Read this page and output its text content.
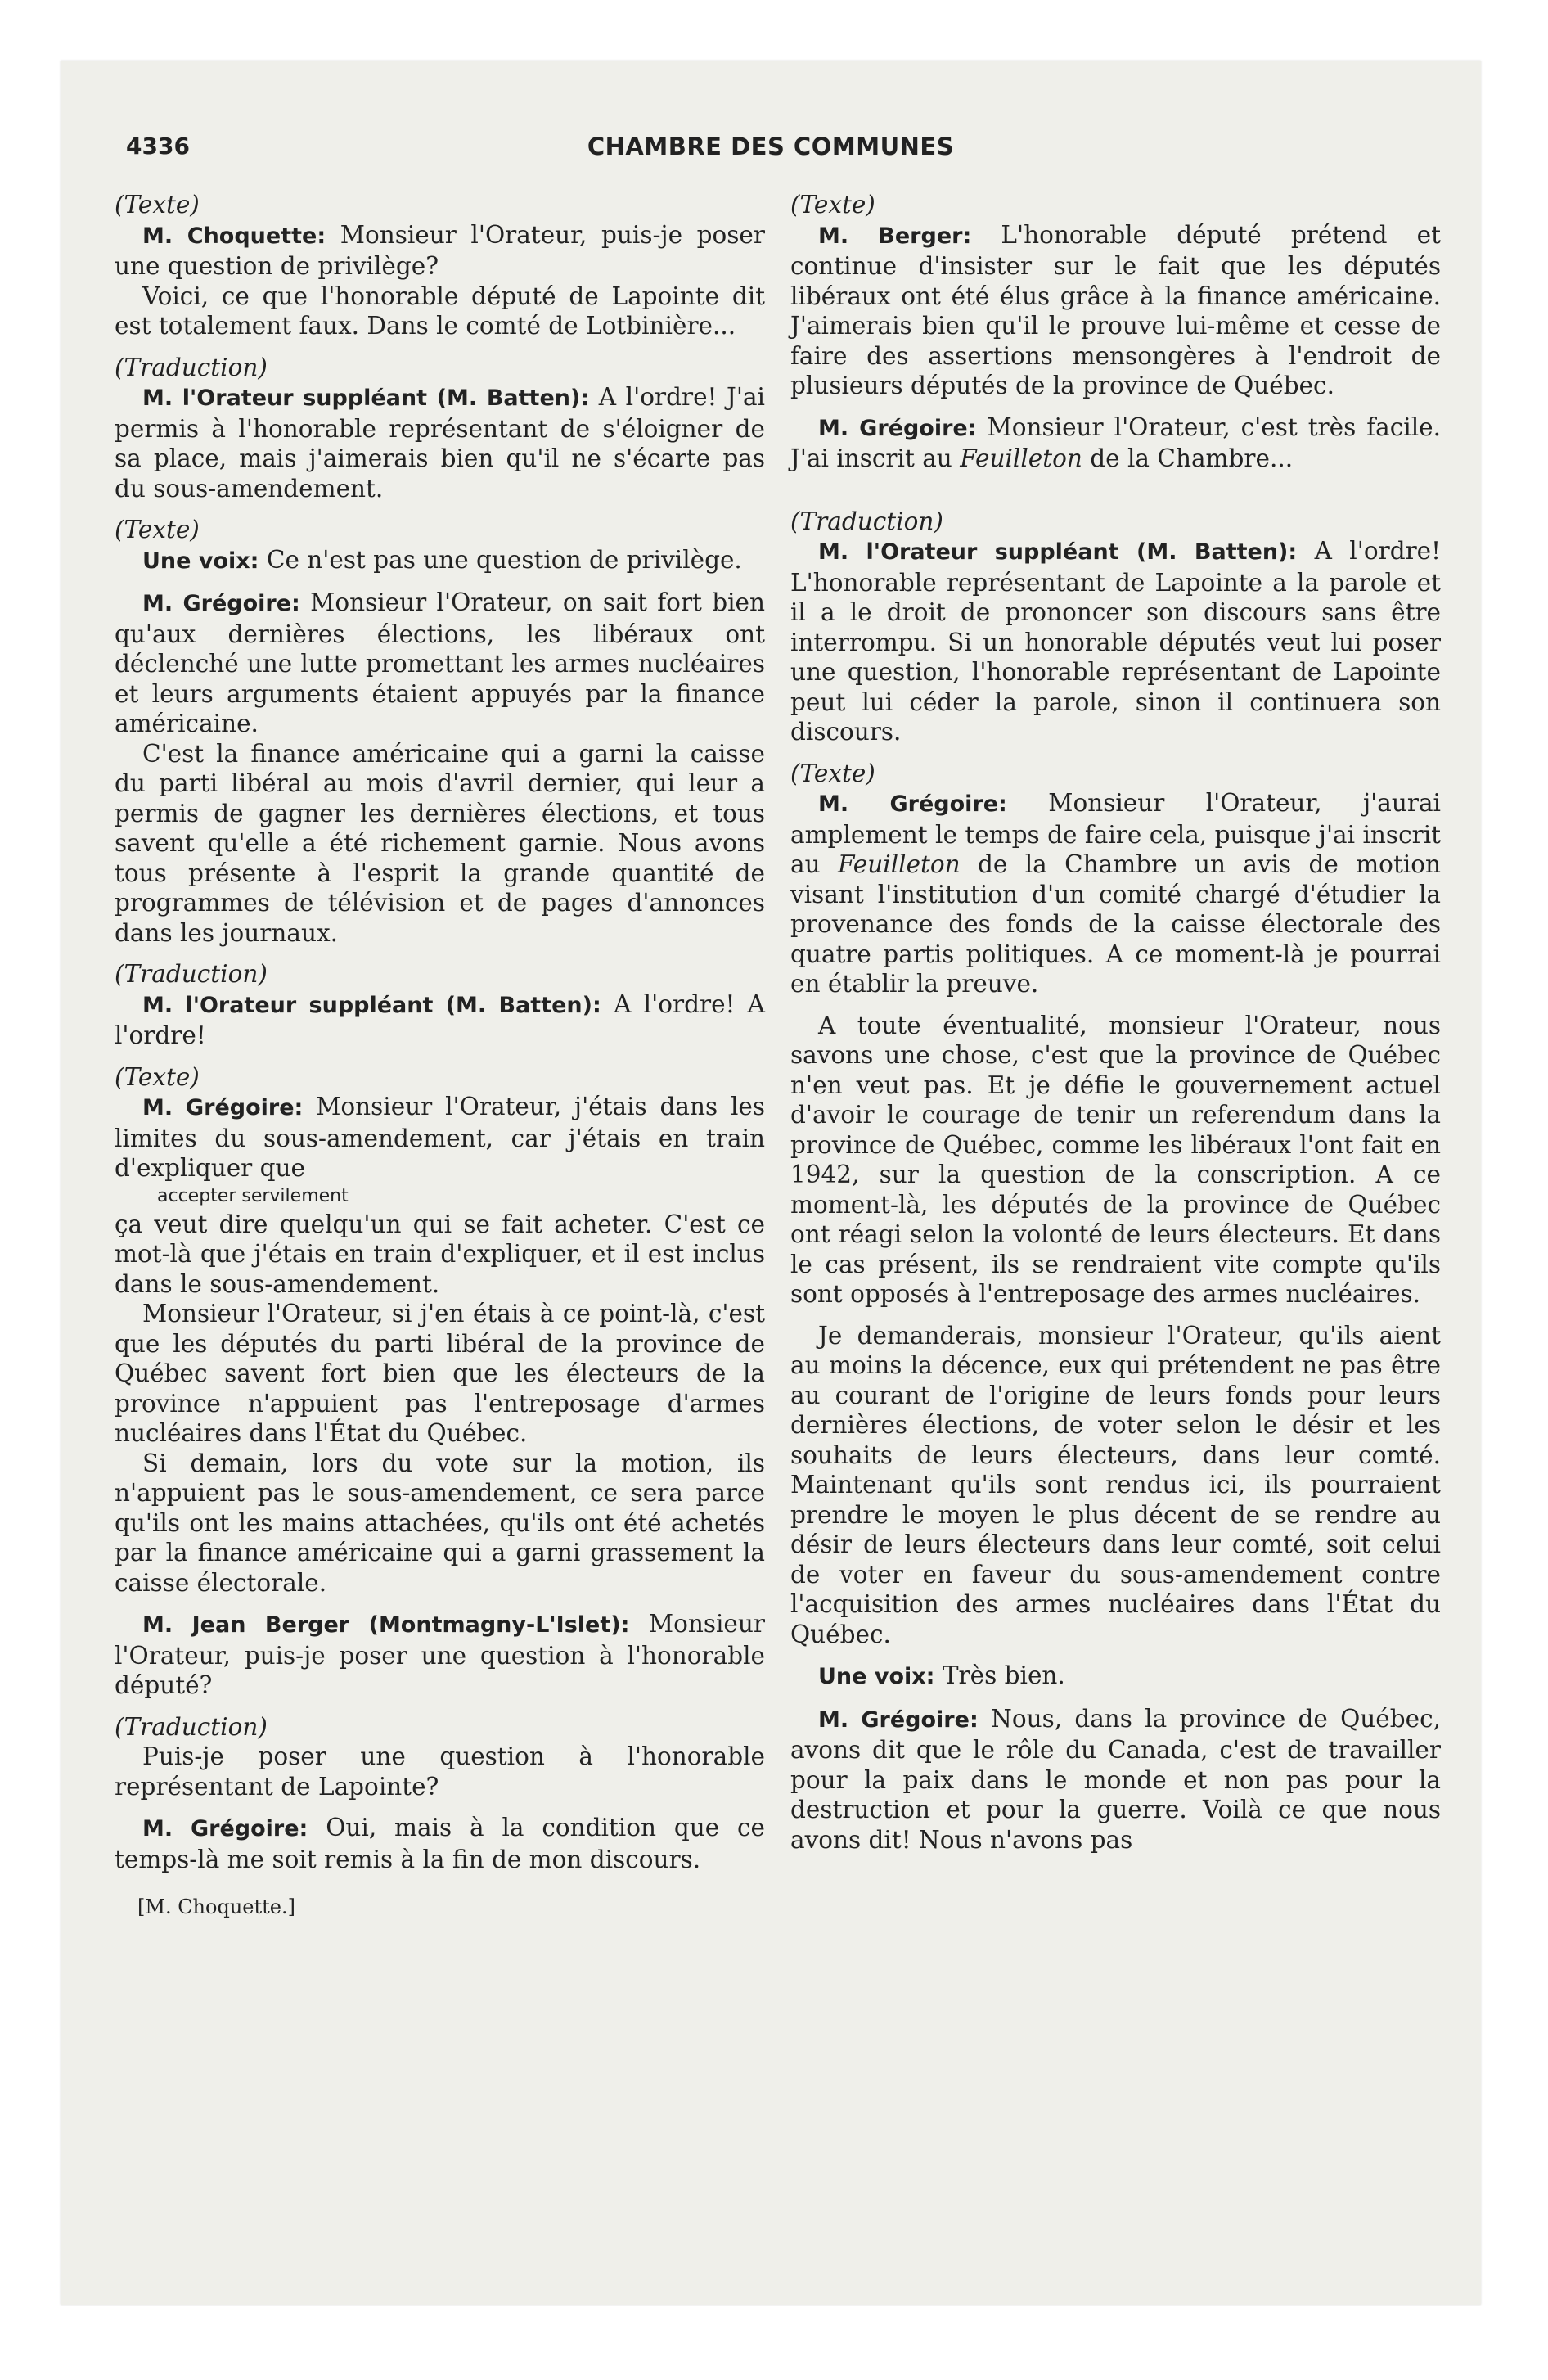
4336	CHAMBRE DES COMMUNES

(Texte)

M. Choquette: Monsieur l'Orateur, puis-je poser une question de privilège?

Voici, ce que l'honorable député de Lapointe dit est totalement faux. Dans le comté de Lotbinière...

(Traduction)

M. l'Orateur suppléant (M. Batten): A l'ordre! J'ai permis à l'honorable représentant de s'éloigner de sa place, mais j'aimerais bien qu'il ne s'écarte pas du sous-amendement.

(Texte)

Une voix: Ce n'est pas une question de privilège.

M. Grégoire: Monsieur l'Orateur, on sait fort bien qu'aux dernières élections, les libéraux ont déclenché une lutte promettant les armes nucléaires et leurs arguments étaient appuyés par la finance américaine.

C'est la finance américaine qui a garni la caisse du parti libéral au mois d'avril dernier, qui leur a permis de gagner les dernières élections, et tous savent qu'elle a été richement garnie. Nous avons tous présente à l'esprit la grande quantité de programmes de télévision et de pages d'annonces dans les journaux.

(Traduction)

M. l'Orateur suppléant (M. Batten): A l'ordre! A l'ordre!

(Texte)

M. Grégoire: Monsieur l'Orateur, j'étais dans les limites du sous-amendement, car j'étais en train d'expliquer que

accepter servilement

ça veut dire quelqu'un qui se fait acheter. C'est ce mot-là que j'étais en train d'expliquer, et il est inclus dans le sous-amendement.

Monsieur l'Orateur, si j'en étais à ce point-là, c'est que les députés du parti libéral de la province de Québec savent fort bien que les électeurs de la province n'appuient pas l'entreposage d'armes nucléaires dans l'État du Québec.

Si demain, lors du vote sur la motion, ils n'appuient pas le sous-amendement, ce sera parce qu'ils ont les mains attachées, qu'ils ont été achetés par la finance américaine qui a garni grassement la caisse électorale.

M. Jean Berger (Montmagny-L'Islet): Monsieur l'Orateur, puis-je poser une question à l'honorable député?

(Traduction)

Puis-je poser une question à l'honorable représentant de Lapointe?

M. Grégoire: Oui, mais à la condition que ce temps-là me soit remis à la fin de mon discours.

[M. Choquette.]

(Texte)

M. Berger: L'honorable député prétend et continue d'insister sur le fait que les députés libéraux ont été élus grâce à la finance américaine. J'aimerais bien qu'il le prouve lui-même et cesse de faire des assertions mensongères à l'endroit de plusieurs députés de la province de Québec.

M. Grégoire: Monsieur l'Orateur, c'est très facile. J'ai inscrit au Feuilleton de la Chambre...

(Traduction)

M. l'Orateur suppléant (M. Batten): A l'ordre! L'honorable représentant de Lapointe a la parole et il a le droit de prononcer son discours sans être interrompu. Si un honorable députés veut lui poser une question, l'honorable représentant de Lapointe peut lui céder la parole, sinon il continuera son discours.

(Texte)

M. Grégoire: Monsieur l'Orateur, j'aurai amplement le temps de faire cela, puisque j'ai inscrit au Feuilleton de la Chambre un avis de motion visant l'institution d'un comité chargé d'étudier la provenance des fonds de la caisse électorale des quatre partis politiques. A ce moment-là je pourrai en établir la preuve.

A toute éventualité, monsieur l'Orateur, nous savons une chose, c'est que la province de Québec n'en veut pas. Et je défie le gouvernement actuel d'avoir le courage de tenir un referendum dans la province de Québec, comme les libéraux l'ont fait en 1942, sur la question de la conscription. A ce moment-là, les députés de la province de Québec ont réagi selon la volonté de leurs électeurs. Et dans le cas présent, ils se rendraient vite compte qu'ils sont opposés à l'entreposage des armes nucléaires.

Je demanderais, monsieur l'Orateur, qu'ils aient au moins la décence, eux qui prétendent ne pas être au courant de l'origine de leurs fonds pour leurs dernières élections, de voter selon le désir et les souhaits de leurs électeurs, dans leur comté. Maintenant qu'ils sont rendus ici, ils pourraient prendre le moyen le plus décent de se rendre au désir de leurs électeurs dans leur comté, soit celui de voter en faveur du sous-amendement contre l'acquisition des armes nucléaires dans l'État du Québec.

Une voix: Très bien.

M. Grégoire: Nous, dans la province de Québec, avons dit que le rôle du Canada, c'est de travailler pour la paix dans le monde et non pas pour la destruction et pour la guerre. Voilà ce que nous avons dit! Nous n'avons pas
